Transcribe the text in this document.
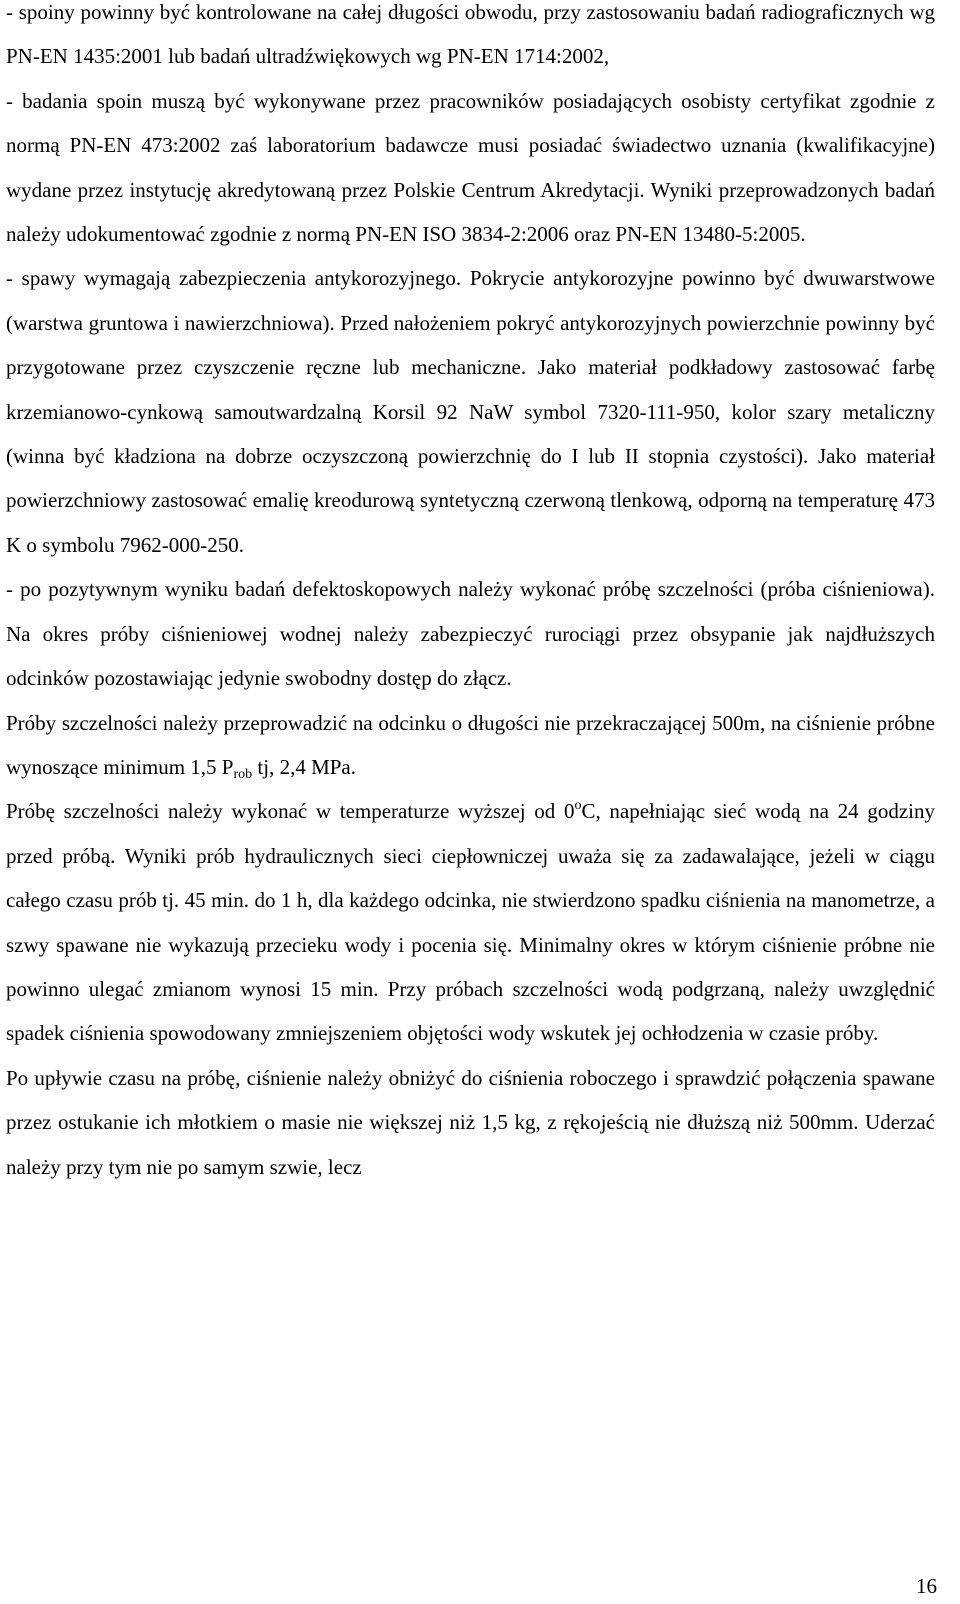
- spoiny powinny być kontrolowane na całej długości obwodu, przy zastosowaniu badań radiograficznych wg PN-EN 1435:2001 lub badań ultradźwiękowych wg PN-EN 1714:2002,

- badania spoin muszą być wykonywane przez pracowników posiadających osobisty certyfikat zgodnie z normą PN-EN 473:2002 zaś laboratorium badawcze musi posiadać świadectwo uznania (kwalifikacyjne) wydane przez instytucję akredytowaną przez Polskie Centrum Akredytacji. Wyniki przeprowadzonych badań należy udokumentować zgodnie z normą PN-EN ISO 3834-2:2006 oraz PN-EN 13480-5:2005.

- spawy wymagają zabezpieczenia antykorozyjnego. Pokrycie antykorozyjne powinno być dwuwarstwowe (warstwa gruntowa i nawierzchniowa). Przed nałożeniem pokryć antykorozyjnych powierzchnie powinny być przygotowane przez czyszczenie ręczne lub mechaniczne. Jako materiał podkładowy zastosować farbę krzemianowo-cynkową samoutwardzalną Korsil 92 NaW symbol 7320-111-950, kolor szary metaliczny (winna być kładziona na dobrze oczyszczoną powierzchnię do I lub II stopnia czystości). Jako materiał powierzchniowy zastosować emalię kreodurową syntetyczną czerwoną tlenkową, odporną na temperaturę 473 K o symbolu 7962-000-250.

- po pozytywnym wyniku badań defektoskopowych należy wykonać próbę szczelności (próba ciśnieniowa). Na okres próby ciśnieniowej wodnej należy zabezpieczyć rurociągi przez obsypanie jak najdłuższych odcinków pozostawiając jedynie swobodny dostęp do złącz.

Próby szczelności należy przeprowadzić na odcinku o długości nie przekraczającej 500m, na ciśnienie próbne wynoszące minimum 1,5 $P_{rob}$ tj, 2,4 MPa.

Próbę szczelności należy wykonać w temperaturze wyższej od 0$^o$C, napełniając sieć wodą na 24 godziny przed próbą. Wyniki prób hydraulicznych sieci ciepłowniczej uważa się za zadawalające, jeżeli w ciągu całego czasu prób tj. 45 min. do 1 h, dla każdego odcinka, nie stwierdzono spadku ciśnienia na manometrze, a szwy spawane nie wykazują przecieku wody i pocenia się. Minimalny okres w którym ciśnienie próbne nie powinno ulegać zmianom wynosi 15 min. Przy próbach szczelności wodą podgrzaną, należy uwzględnić spadek ciśnienia spowodowany zmniejszeniem objętości wody wskutek jej ochłodzenia w czasie próby.

Po upływie czasu na próbę, ciśnienie należy obniżyć do ciśnienia roboczego i sprawdzić połączenia spawane przez ostukanie ich młotkiem o masie nie większej niż 1,5 kg, z rękojeścią nie dłuższą niż 500mm. Uderzać należy przy tym nie po samym szwie, lecz

16
